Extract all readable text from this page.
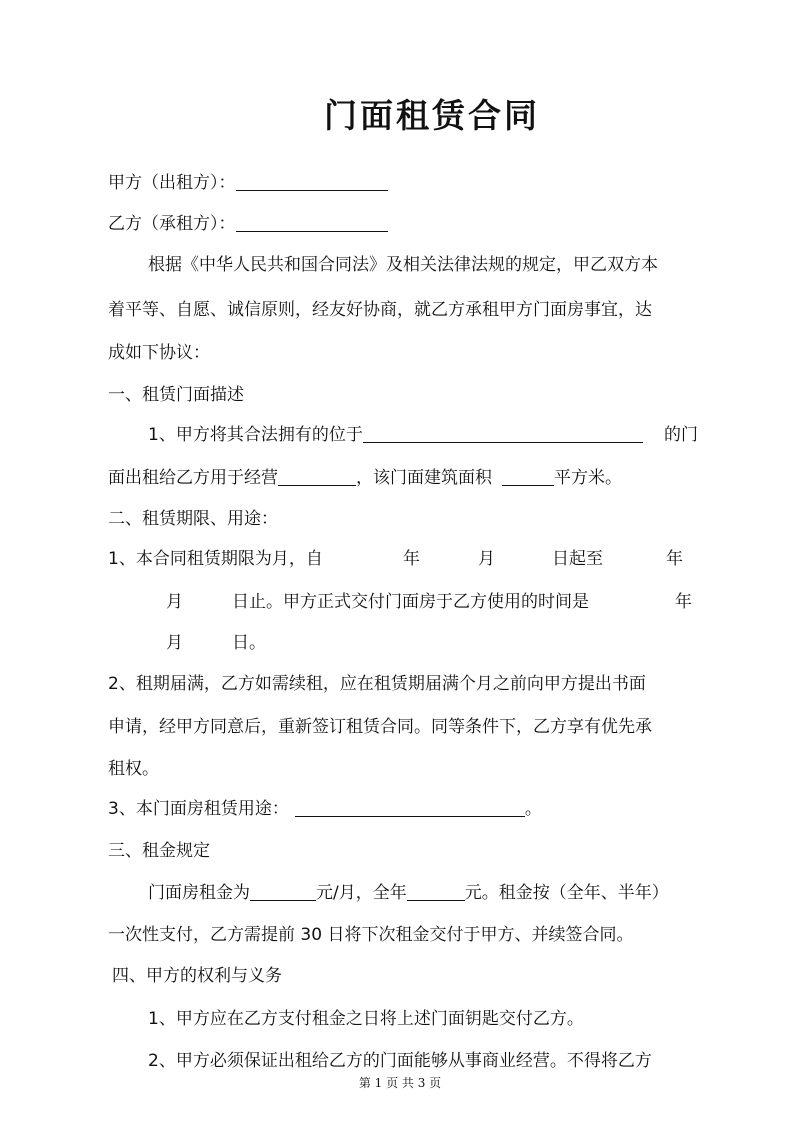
门面租赁合同
甲方（出租方）：
乙方（承租方）：
根据《中华人民共和国合同法》及相关法律法规的规定，甲乙双方本
着平等、自愿、诚信原则，经友好协商，就乙方承租甲方门面房事宜，达
成如下协议：
一、租赁门面描述
1、甲方将其合法拥有的位于	的门
面出租给乙方用于经营	，该门面建筑面积	平方米。
二、租赁期限、用途：
1、本合同租赁期限为月，自	年	月	日起至	年
月	日止。甲方正式交付门面房于乙方使用的时间是	年
月	日。
2、租期届满，乙方如需续租，应在租赁期届满个月之前向甲方提出书面
申请，经甲方同意后，重新签订租赁合同。同等条件下，乙方享有优先承
租权。
3、本门面房租赁用途：	。
三、租金规定
门面房租金为	元/月，全年	元。租金按（全年、半年）
一次性支付，乙方需提前 30 日将下次租金交付于甲方、并续签合同。
四、甲方的权利与义务
1、甲方应在乙方支付租金之日将上述门面钥匙交付乙方。
2、甲方必须保证出租给乙方的门面能够从事商业经营。不得将乙方
第 1 页 共 3 页
